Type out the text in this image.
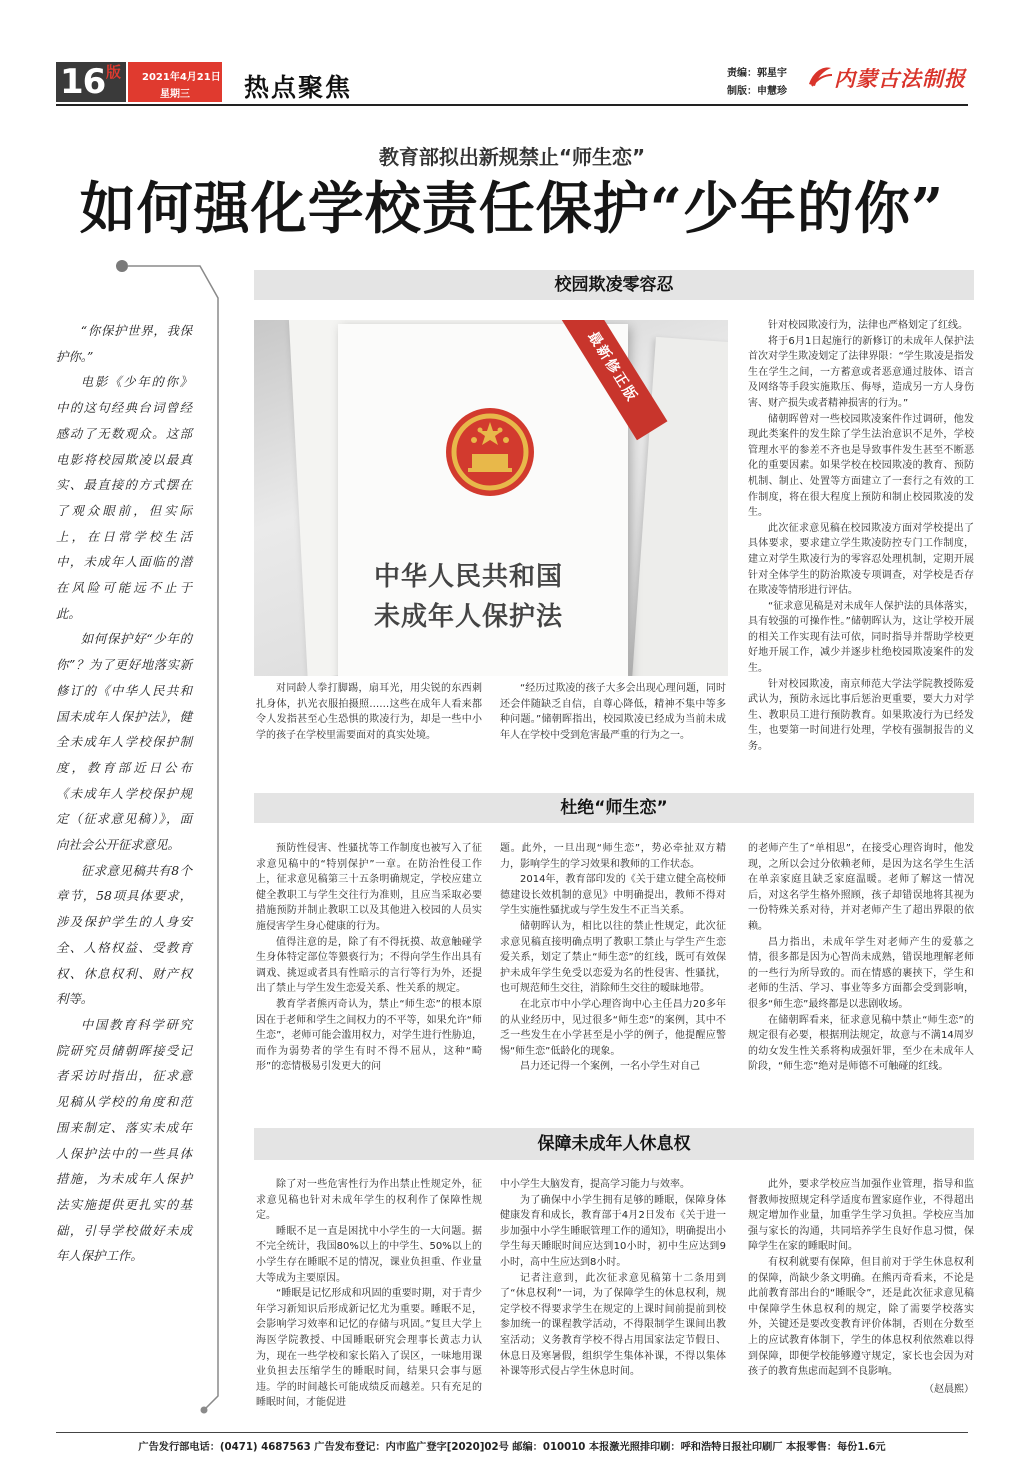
16 版 2021年4月21日
星期三 热点聚焦	责编：郭星宇
制版：申慧珍
内蒙古法制报
教育部拟出新规禁止“师生恋”
如何强化学校责任保护“少年的你”

“你保护世界，我保护你。”

电影《少年的你》中的这句经典台词曾经感动了无数观众。这部电影将校园欺凌以最真实、最直接的方式摆在了观众眼前，但实际上，在日常学校生活中，未成年人面临的潜在风险可能远不止于此。

如何保护好“少年的你”？为了更好地落实新修订的《中华人民共和国未成年人保护法》，健全未成年人学校保护制度，教育部近日公布《未成年人学校保护规定（征求意见稿）》，面向社会公开征求意见。

征求意见稿共有8个章节，58项具体要求，涉及保护学生的人身安全、人格权益、受教育权、休息权利、财产权利等。

中国教育科学研究院研究员储朝晖接受记者采访时指出，征求意见稿从学校的角度和范围来制定、落实未成年人保护法中的一些具体措施，为未成年人保护法实施提供更扎实的基础，引导学校做好未成年人保护工作。

校园欺凌零容忍
最新修正版
中华人民共和国
未成年人保护法

对同龄人拳打脚踢，扇耳光，用尖锐的东西刺扎身体，扒光衣服拍摄照……这些在成年人看来都令人发指甚至心生恐惧的欺凌行为，却是一些中小学的孩子在学校里需要面对的真实处境。

“经历过欺凌的孩子大多会出现心理问题，同时还会伴随缺乏自信，自尊心降低，精神不集中等多种问题。”储朝晖指出，校园欺凌已经成为当前未成年人在学校中受到危害最严重的行为之一。

针对校园欺凌行为，法律也严格划定了红线。

将于6月1日起施行的新修订的未成年人保护法首次对学生欺凌划定了法律界限：“学生欺凌是指发生在学生之间，一方蓄意或者恶意通过肢体、语言及网络等手段实施欺压、侮辱，造成另一方人身伤害、财产损失或者精神损害的行为。”

储朝晖曾对一些校园欺凌案件作过调研，他发现此类案件的发生除了学生法治意识不足外，学校管理水平的参差不齐也是导致事件发生甚至不断恶化的重要因素。如果学校在校园欺凌的教育、预防机制、制止、处置等方面建立了一套行之有效的工作制度，将在很大程度上预防和制止校园欺凌的发生。

此次征求意见稿在校园欺凌方面对学校提出了具体要求，要求建立学生欺凌防控专门工作制度，建立对学生欺凌行为的零容忍处理机制，定期开展针对全体学生的防治欺凌专项调查，对学校是否存在欺凌等情形进行评估。

“征求意见稿是对未成年人保护法的具体落实，具有较强的可操作性。”储朝晖认为，这让学校开展的相关工作实现有法可依，同时指导并帮助学校更好地开展工作，减少并逐步杜绝校园欺凌案件的发生。

针对校园欺凌，南京师范大学法学院教授陈爱武认为，预防永远比事后惩治更重要，要大力对学生、教职员工进行预防教育。如果欺凌行为已经发生，也要第一时间进行处理，学校有强制报告的义务。

杜绝“师生恋”

预防性侵害、性骚扰等工作制度也被写入了征求意见稿中的“特别保护”一章。在防治性侵工作上，征求意见稿第三十五条明确规定，学校应建立健全教职工与学生交往行为准则，且应当采取必要措施预防并制止教职工以及其他进入校园的人员实施侵害学生身心健康的行为。

值得注意的是，除了有不得抚摸、故意触碰学生身体特定部位等猥亵行为；不得向学生作出具有调戏、挑逗或者具有性暗示的言行等行为外，还提出了禁止与学生发生恋爱关系、性关系的规定。

教育学者熊丙奇认为，禁止“师生恋”的根本原因在于老师和学生之间权力的不平等，如果允许“师生恋”，老师可能会滥用权力，对学生进行性胁迫，而作为弱势者的学生有时不得不屈从，这种“畸形”的恋情极易引发更大的问

题。此外，一旦出现“师生恋”，势必牵扯双方精力，影响学生的学习效果和教师的工作状态。

2014年，教育部印发的《关于建立健全高校师德建设长效机制的意见》中明确提出，教师不得对学生实施性骚扰或与学生发生不正当关系。

储朝晖认为，相比以往的禁止性规定，此次征求意见稿直接明确点明了教职工禁止与学生产生恋爱关系，划定了禁止“师生恋”的红线，既可有效保护未成年学生免受以恋爱为名的性侵害、性骚扰，也可规范师生交往，消除师生交往的暧昧地带。

在北京市中小学心理咨询中心主任昌力20多年的从业经历中，见过很多“师生恋”的案例，其中不乏一些发生在小学甚至是小学的例子，他提醒应警惕“师生恋”低龄化的现象。

昌力还记得一个案例，一名小学生对自己

的老师产生了“单相思”，在接受心理咨询时，他发现，之所以会过分依赖老师，是因为这名学生生活在单亲家庭且缺乏家庭温暖。老师了解这一情况后，对这名学生格外照顾，孩子却错误地将其视为一份特殊关系对待，并对老师产生了超出界限的依赖。

昌力指出，未成年学生对老师产生的爱慕之情，很多都是因为心智尚未成熟，错误地理解老师的一些行为所导致的。而在情感的裹挟下，学生和老师的生活、学习、事业等多方面都会受到影响，很多“师生恋”最终都是以悲剧收场。

在储朝晖看来，征求意见稿中禁止“师生恋”的规定很有必要，根据刑法规定，故意与不满14周岁的幼女发生性关系将构成强奸罪，至少在未成年人阶段，“师生恋”绝对是师德不可触碰的红线。

保障未成年人休息权

除了对一些危害性行为作出禁止性规定外，征求意见稿也针对未成年学生的权利作了保障性规定。

睡眠不足一直是困扰中小学生的一大问题。据不完全统计，我国80%以上的中学生、50%以上的小学生存在睡眠不足的情况，课业负担重、作业量大等成为主要原因。

“睡眠是记忆形成和巩固的重要时期，对于青少年学习新知识后形成新记忆尤为重要。睡眠不足，会影响学习效率和记忆的存储与巩固。”复旦大学上海医学院教授、中国睡眠研究会理事长黄志力认为，现在一些学校和家长陷入了误区，一味地用课业负担去压缩学生的睡眠时间，结果只会事与愿违。学的时间越长可能成绩反而越差。只有充足的睡眠时间，才能促进

中小学生大脑发育，提高学习能力与效率。

为了确保中小学生拥有足够的睡眠，保障身体健康发育和成长，教育部于4月2日发布《关于进一步加强中小学生睡眠管理工作的通知》，明确提出小学生每天睡眠时间应达到10小时，初中生应达到9小时，高中生应达到8小时。

记者注意到，此次征求意见稿第十二条用到了“休息权利”一词，为了保障学生的休息权利，规定学校不得要求学生在规定的上课时间前提前到校参加统一的课程教学活动，不得限制学生课间出教室活动；义务教育学校不得占用国家法定节假日、休息日及寒暑假，组织学生集体补课，不得以集体补课等形式侵占学生休息时间。

此外，要求学校应当加强作业管理，指导和监督教师按照规定科学适度布置家庭作业，不得超出规定增加作业量，加重学生学习负担。学校应当加强与家长的沟通，共同培养学生良好作息习惯，保障学生在家的睡眠时间。

有权利就要有保障，但目前对于学生休息权利的保障，尚缺少条文明确。在熊丙奇看来，不论是此前教育部出台的“睡眠令”，还是此次征求意见稿中保障学生休息权利的规定，除了需要学校落实外，关键还是要改变教育评价体制，否则在分数至上的应试教育体制下，学生的体息权利依然难以得到保障，即便学校能够遵守规定，家长也会因为对孩子的教育焦虑而起到不良影响。

（赵晨熙）
广告发行部电话：(0471) 4687563 广告发布登记：内市监广登字[2020]02号 邮编：010010 本报激光照排印刷：呼和浩特日报社印刷厂 本报零售：每份1.6元
